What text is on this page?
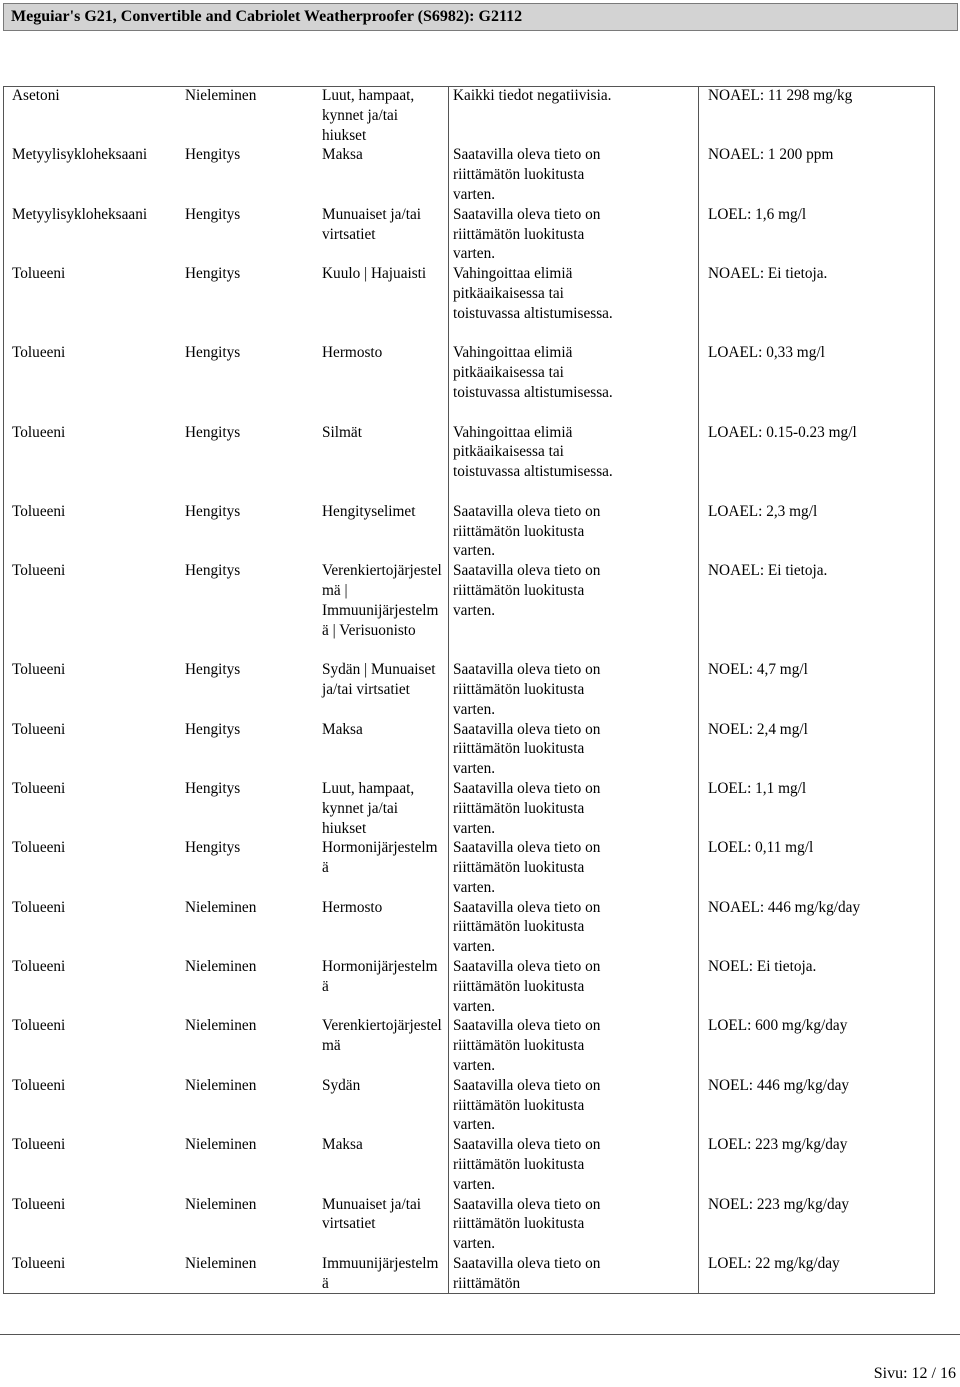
Meguiar's G21, Convertible and Cabriolet Weatherproofer (S6982): G2112
Asetoni	Nieleminen	Luut, hampaat, kynnet ja/tai hiukset	Kaikki tiedot negatiivisia.		NOAEL: 11 298 mg/kg
Metyylisykloheksaani	Hengitys	Maksa	Saatavilla oleva tieto on riittämätön luokitusta varten.		NOAEL: 1 200 ppm
Metyylisykloheksaani	Hengitys	Munuaiset ja/tai virtsatiet	Saatavilla oleva tieto on riittämätön luokitusta varten.		LOEL: 1,6 mg/l
Tolueeni	Hengitys	Kuulo | Hajuaisti	Vahingoittaa elimiä pitkäaikaisessa tai toistuvassa altistumisessa.		NOAEL: Ei tietoja.
Tolueeni	Hengitys	Hermosto	Vahingoittaa elimiä pitkäaikaisessa tai toistuvassa altistumisessa.		LOAEL: 0,33 mg/l
Tolueeni	Hengitys	Silmät	Vahingoittaa elimiä pitkäaikaisessa tai toistuvassa altistumisessa.		LOAEL: 0.15-0.23 mg/l
Tolueeni	Hengitys	Hengityselimet	Saatavilla oleva tieto on riittämätön luokitusta varten.		LOAEL: 2,3 mg/l
Tolueeni	Hengitys	Verenkiertojärjestelmä | Immuunijärjestelmä | Verisuonisto	Saatavilla oleva tieto on riittämätön luokitusta varten.		NOAEL: Ei tietoja.
Tolueeni	Hengitys	Sydän | Munuaiset ja/tai virtsatiet	Saatavilla oleva tieto on riittämätön luokitusta varten.		NOEL: 4,7 mg/l
Tolueeni	Hengitys	Maksa	Saatavilla oleva tieto on riittämätön luokitusta varten.		NOEL: 2,4 mg/l
Tolueeni	Hengitys	Luut, hampaat, kynnet ja/tai hiukset	Saatavilla oleva tieto on riittämätön luokitusta varten.		LOEL: 1,1 mg/l
Tolueeni	Hengitys	Hormonijärjestelmä	Saatavilla oleva tieto on riittämätön luokitusta varten.		LOEL: 0,11 mg/l
Tolueeni	Nieleminen	Hermosto	Saatavilla oleva tieto on riittämätön luokitusta varten.		NOAEL: 446 mg/kg/day
Tolueeni	Nieleminen	Hormonijärjestelmä	Saatavilla oleva tieto on riittämätön luokitusta varten.		NOEL: Ei tietoja.
Tolueeni	Nieleminen	Verenkiertojärjestelmä	Saatavilla oleva tieto on riittämätön luokitusta varten.		LOEL: 600 mg/kg/day
Tolueeni	Nieleminen	Sydän	Saatavilla oleva tieto on riittämätön luokitusta varten.		NOEL: 446 mg/kg/day
Tolueeni	Nieleminen	Maksa	Saatavilla oleva tieto on riittämätön luokitusta varten.		LOEL: 223 mg/kg/day
Tolueeni	Nieleminen	Munuaiset ja/tai virtsatiet	Saatavilla oleva tieto on riittämätön luokitusta varten.		NOEL: 223 mg/kg/day
Tolueeni	Nieleminen	Immuunijärjestelmä	Saatavilla oleva tieto on riittämätön		LOEL: 22 mg/kg/day
Sivu: 12 / 16
